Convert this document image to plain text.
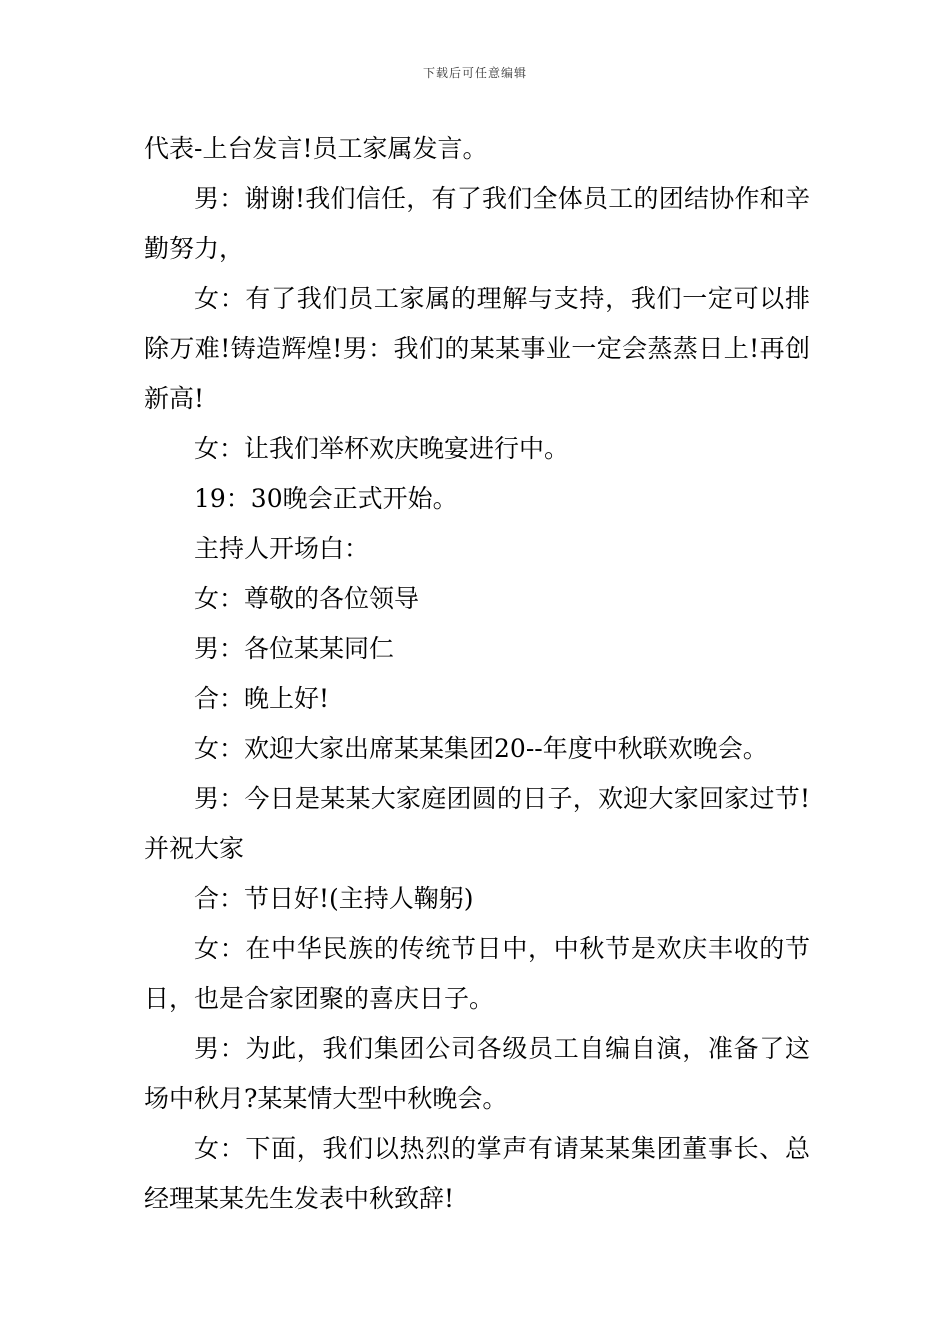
下载后可任意编辑

代表-上台发言!员工家属发言。

男：谢谢!我们信任，有了我们全体员工的团结协作和辛勤努力，

女：有了我们员工家属的理解与支持，我们一定可以排除万难!铸造辉煌!男：我们的某某事业一定会蒸蒸日上!再创新高!

女：让我们举杯欢庆晚宴进行中。

19：30晚会正式开始。

主持人开场白：

女：尊敬的各位领导

男：各位某某同仁

合：晚上好!

女：欢迎大家出席某某集团20--年度中秋联欢晚会。

男：今日是某某大家庭团圆的日子，欢迎大家回家过节!并祝大家

合：节日好!(主持人鞠躬)

女：在中华民族的传统节日中，中秋节是欢庆丰收的节日，也是合家团聚的喜庆日子。

男：为此，我们集团公司各级员工自编自演，准备了这场中秋月?某某情大型中秋晚会。

女：下面，我们以热烈的掌声有请某某集团董事长、总经理某某先生发表中秋致辞!
